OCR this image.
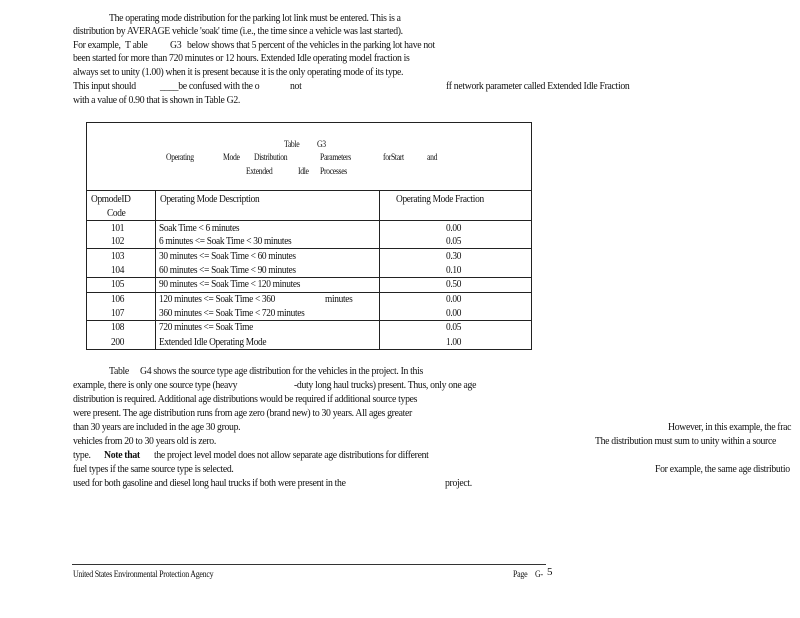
The operating mode distribution for the parking lot link must be entered. This is a
distribution by AVERAGE vehicle 'soak' time (i.e., the time since a vehicle was last started).
For example, T able G3 below shows that 5 percent of the vehicles in the parking lot have not
been started for more than 720 minutes or 12 hours. Extended Idle operating model fraction is
always set to unity (1.00) when it is present because it is the only operating mode of its type.
This input should ____be confused with the o	not	ff network parameter called Extended Idle Fraction
with a value of 0.90 that is shown in Table G2.
Table G3
Operating	Mode Distribution	Parameters	forStart and
Extended	Idle Processes
OpmodeID
Code
Operating Mode Description	Operating Mode Fraction
101	Soak Time < 6 minutes	0.00
102	6 minutes <= Soak Time < 30 minutes	0.05
103	30 minutes <= Soak Time < 60 minutes	0.30
104	60 minutes <= Soak Time < 90 minutes	0.10
105	90 minutes <= Soak Time < 120 minutes	0.50
106	120 minutes <= Soak Time < 360	minutes	0.00
107	360 minutes <= Soak Time < 720 minutes	0.00
108	720 minutes <= Soak Time	0.05
200	Extended Idle Operating Mode	1.00
Table G4 shows the source type age distribution for the vehicles in the project. In this
example, there is only one source type (heavy	-duty long haul trucks) present. Thus, only one age
distribution is required. Additional age distributions would be required if additional source types
were present. The age distribution runs from age zero (brand new) to 30 years. All ages greater
than 30 years are included in the age 30 group.	However, in this example, the frac
vehicles from 20 to 30 years old is zero.	The distribution must sum to unity within a source
type. Note that the project level model does not allow separate age distributions for different
fuel types if the same source type is selected.	For example, the same age distributio
used for both gasoline and diesel long haul trucks if both were present in the	project.
United States Environmental Protection Agency	Page G- 5
